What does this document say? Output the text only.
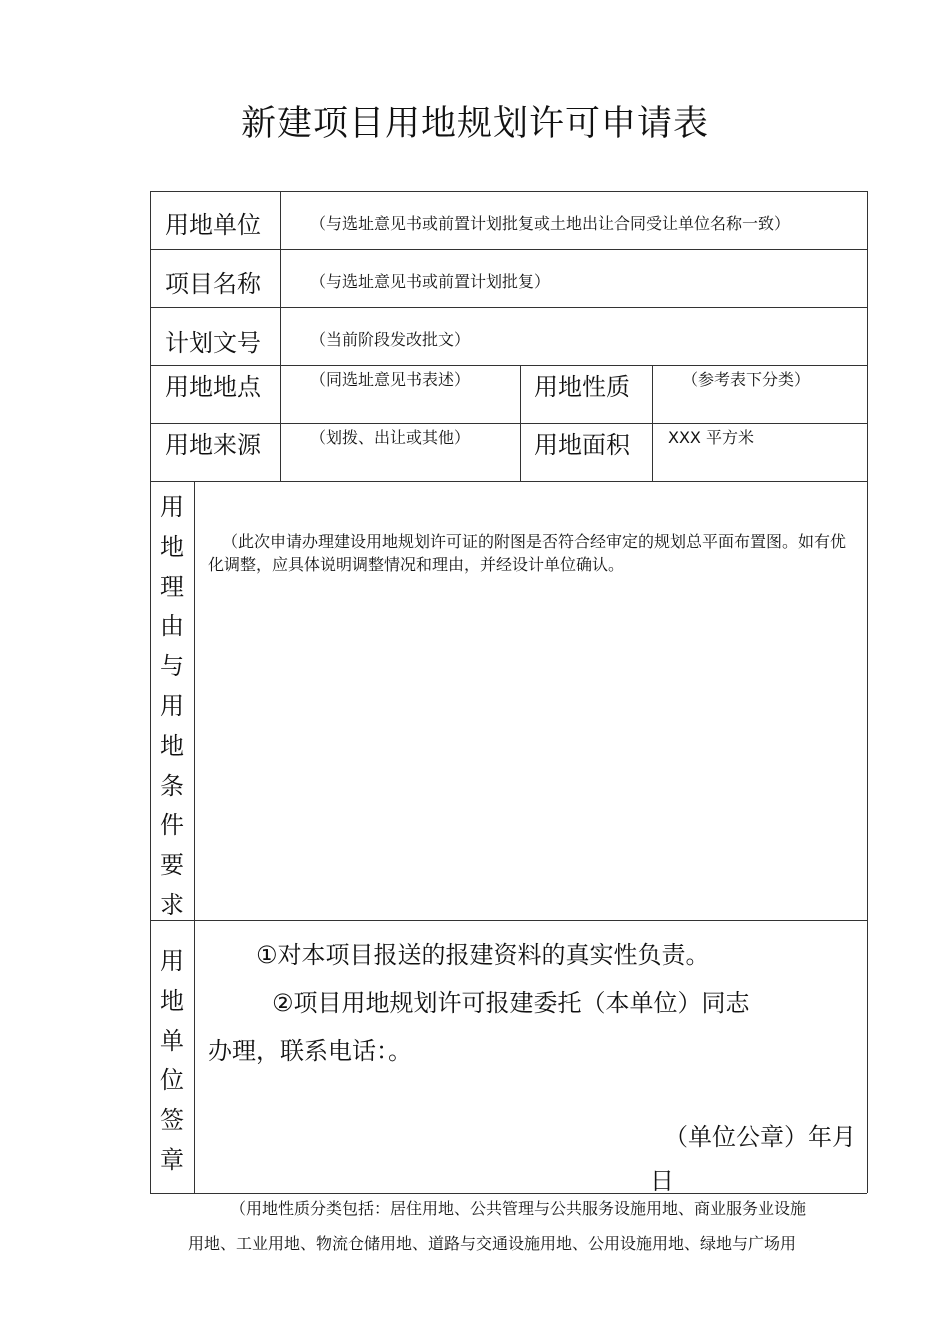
新建项目用地规划许可申请表
用地单位	（与选址意见书或前置计划批复或土地出让合同受让单位名称一致）
项目名称	（与选址意见书或前置计划批复）
计划文号	（当前阶段发改批文）
用地地点	（同选址意见书表述）	用地性质	（参考表下分类）
用地来源	（划拨、出让或其他）	用地面积 XXX 平方米
用地理由与用地条件要求
（此次申请办理建设用地规划许可证的附图是否符合经审定的规划总平面布置图。如有优化调整，应具体说明调整情况和理由，并经设计单位确认。
用地单位签章
①对本项目报送的报建资料的真实性负责。
②项目用地规划许可报建委托（本单位）同志
办理，联系电话：。
（单位公章）年月
日
（用地性质分类包括：居住用地、公共管理与公共服务设施用地、商业服务业设施
用地、工业用地、物流仓储用地、道路与交通设施用地、公用设施用地、绿地与广场用
